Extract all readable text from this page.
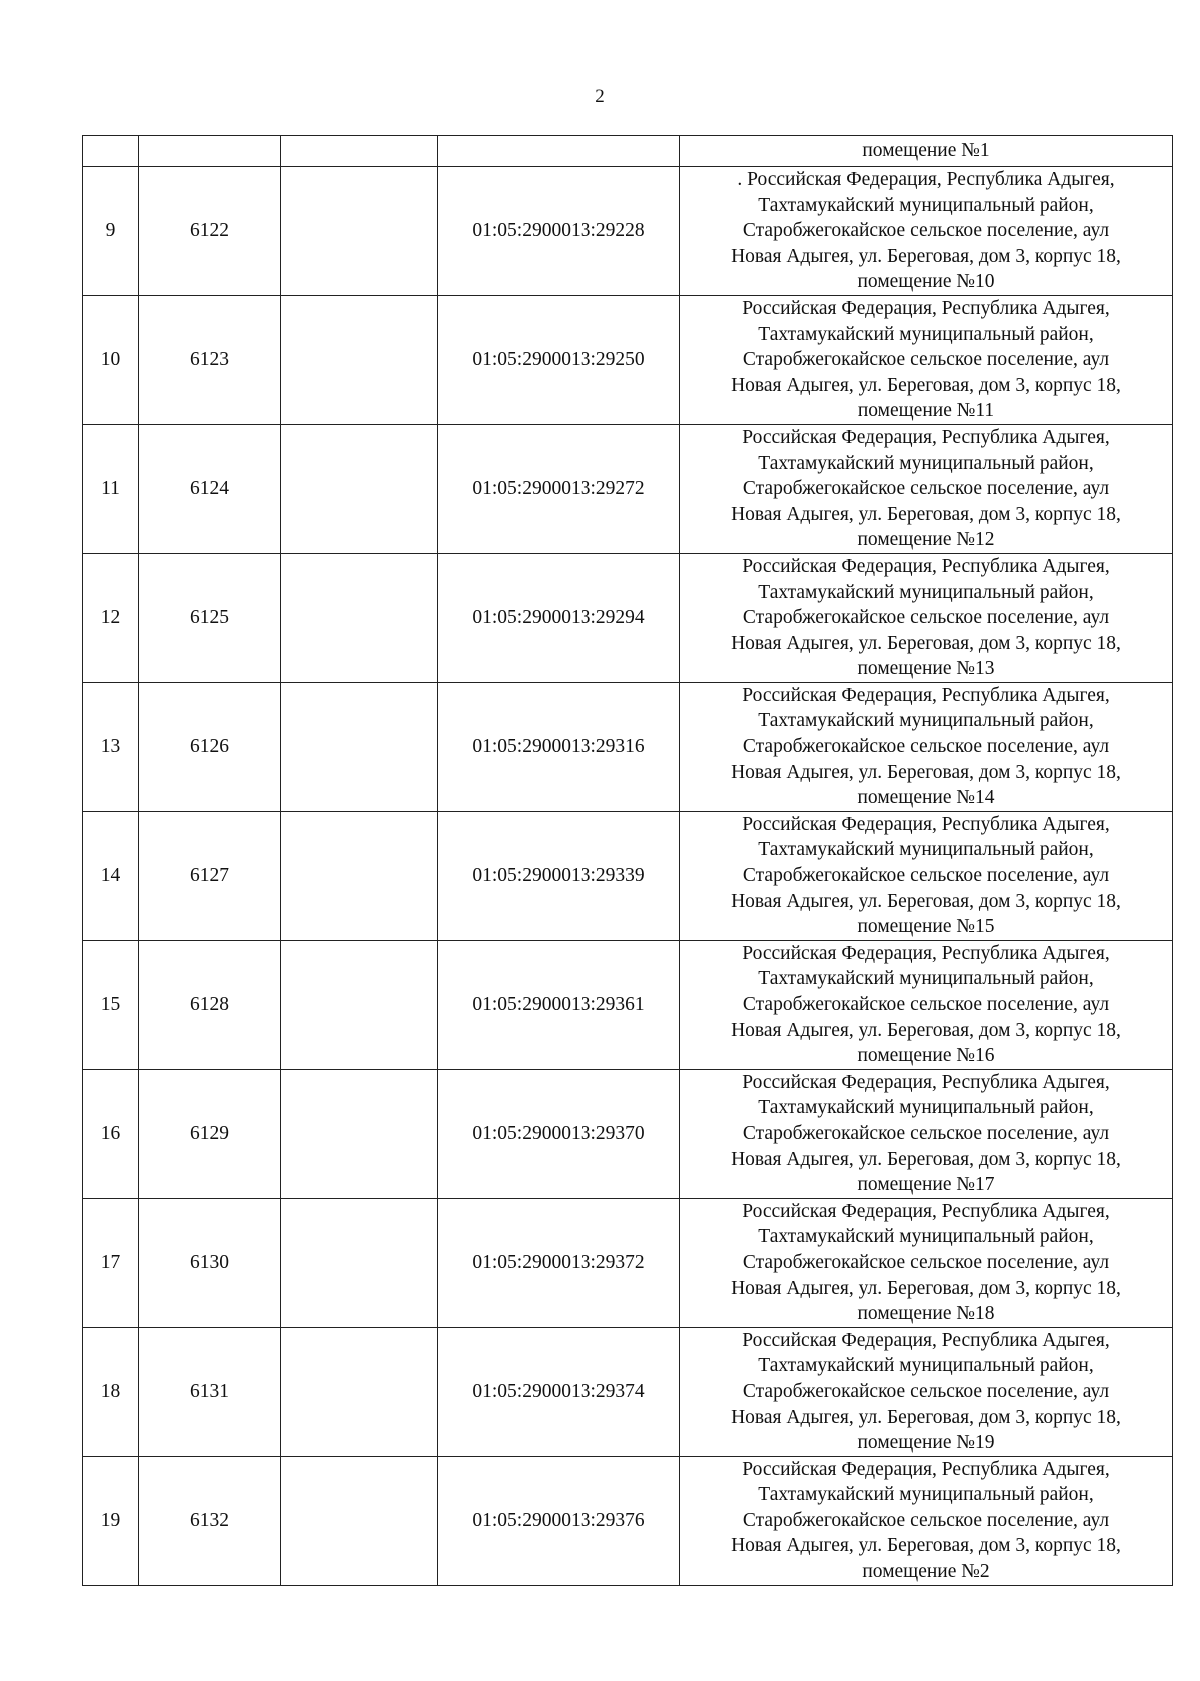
2
				помещение №1
9	6122		01:05:2900013:29228	. Российская Федерация, Республика Адыгея,
Тахтамукайский муниципальный район,
Старобжегокайское сельское поселение, аул
Новая Адыгея, ул. Береговая, дом 3, корпус 18,
помещение №10

10	6123		01:05:2900013:29250	Российская Федерация, Республика Адыгея,
Тахтамукайский муниципальный район,
Старобжегокайское сельское поселение, аул
Новая Адыгея, ул. Береговая, дом 3, корпус 18,
помещение №11

11	6124		01:05:2900013:29272	Российская Федерация, Республика Адыгея,
Тахтамукайский муниципальный район,
Старобжегокайское сельское поселение, аул
Новая Адыгея, ул. Береговая, дом 3, корпус 18,
помещение №12

12	6125		01:05:2900013:29294	Российская Федерация, Республика Адыгея,
Тахтамукайский муниципальный район,
Старобжегокайское сельское поселение, аул
Новая Адыгея, ул. Береговая, дом 3, корпус 18,
помещение №13

13	6126		01:05:2900013:29316	Российская Федерация, Республика Адыгея,
Тахтамукайский муниципальный район,
Старобжегокайское сельское поселение, аул
Новая Адыгея, ул. Береговая, дом 3, корпус 18,
помещение №14

14	6127		01:05:2900013:29339	Российская Федерация, Республика Адыгея,
Тахтамукайский муниципальный район,
Старобжегокайское сельское поселение, аул
Новая Адыгея, ул. Береговая, дом 3, корпус 18,
помещение №15

15	6128		01:05:2900013:29361	Российская Федерация, Республика Адыгея,
Тахтамукайский муниципальный район,
Старобжегокайское сельское поселение, аул
Новая Адыгея, ул. Береговая, дом 3, корпус 18,
помещение №16

16	6129		01:05:2900013:29370	Российская Федерация, Республика Адыгея,
Тахтамукайский муниципальный район,
Старобжегокайское сельское поселение, аул
Новая Адыгея, ул. Береговая, дом 3, корпус 18,
помещение №17

17	6130		01:05:2900013:29372	Российская Федерация, Республика Адыгея,
Тахтамукайский муниципальный район,
Старобжегокайское сельское поселение, аул
Новая Адыгея, ул. Береговая, дом 3, корпус 18,
помещение №18

18	6131		01:05:2900013:29374	Российская Федерация, Республика Адыгея,
Тахтамукайский муниципальный район,
Старобжегокайское сельское поселение, аул
Новая Адыгея, ул. Береговая, дом 3, корпус 18,
помещение №19

19	6132		01:05:2900013:29376	Российская Федерация, Республика Адыгея,
Тахтамукайский муниципальный район,
Старобжегокайское сельское поселение, аул
Новая Адыгея, ул. Береговая, дом 3, корпус 18,
помещение №2
